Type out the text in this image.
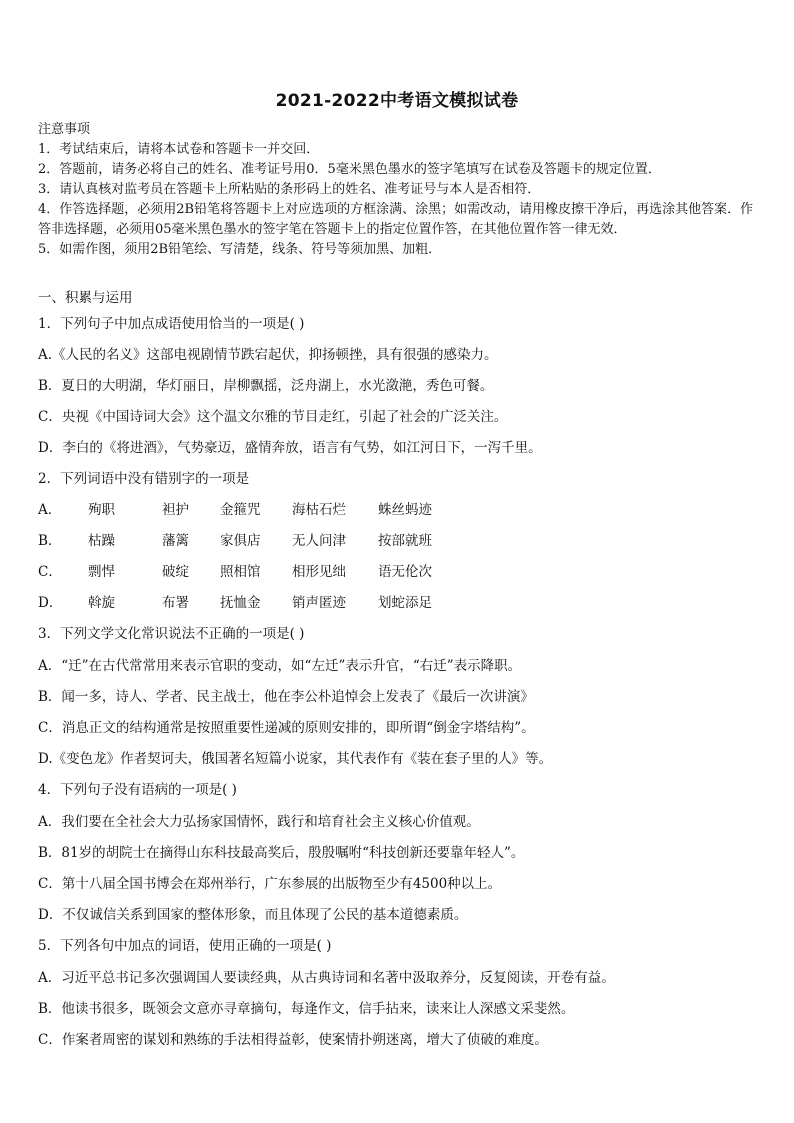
2021-2022中考语文模拟试卷
注意事项
1．考试结束后，请将本试卷和答题卡一并交回．
2．答题前，请务必将自己的姓名、准考证号用0．5毫米黑色墨水的签字笔填写在试卷及答题卡的规定位置．
3．请认真核对监考员在答题卡上所粘贴的条形码上的姓名、准考证号与本人是否相符．
4．作答选择题，必须用2B铅笔将答题卡上对应选项的方框涂满、涂黑；如需改动，请用橡皮擦干净后，再选涂其他答案．作答非选择题，必须用05毫米黑色墨水的签字笔在答题卡上的指定位置作答，在其他位置作答一律无效．
5．如需作图，须用2B铅笔绘、写清楚，线条、符号等须加黑、加粗．
一、积累与运用
1．下列句子中加点成语使用恰当的一项是( )
A.《人民的名义》这部电视剧情节跌宕起伏，抑扬顿挫，具有很强的感染力。
B．夏日的大明湖，华灯丽日，岸柳飘摇，泛舟湖上，水光潋滟，秀色可餐。
C．央视《中国诗词大会》这个温文尔雅的节目走红，引起了社会的广泛关注。
D．李白的《将进酒》，气势豪迈，盛情奔放，语言有气势，如江河日下，一泻千里。
2．下列词语中没有错别字的一项是
A． 殉职	袒护 金箍咒 海枯石烂 蛛丝蚂迹
B． 枯躁	藩篱 家俱店 无人问津 按部就班
C． 剽悍	破绽 照相馆 相形见绌 语无伦次
D． 斡旋	布署 抚恤金 销声匿迹 划蛇添足
3．下列文学文化常识说法不正确的一项是( )
A．“迁”在古代常常用来表示官职的变动，如“左迁”表示升官，“右迁”表示降职。
B．闻一多，诗人、学者、民主战士，他在李公朴追悼会上发表了《最后一次讲演》
C．消息正文的结构通常是按照重要性递减的原则安排的，即所谓“倒金字塔结构”。
D.《变色龙》作者契诃夫，俄国著名短篇小说家，其代表作有《装在套子里的人》等。
4．下列句子没有语病的一项是( )
A．我们要在全社会大力弘扬家国情怀，践行和培育社会主义核心价值观。
B．81岁的胡院士在摘得山东科技最高奖后，殷殷嘱咐“科技创新还要靠年轻人”。
C．第十八届全国书博会在郑州举行，广东参展的出版物至少有4500种以上。
D．不仅诚信关系到国家的整体形象，而且体现了公民的基本道德素质。
5．下列各句中加点的词语，使用正确的一项是( )
A．习近平总书记多次强调国人要读经典，从古典诗词和名著中汲取养分，反复阅读，开卷有益。
B．他读书很多，既领会文意亦寻章摘句，每逢作文，信手拈来，读来让人深感文采斐然。
C．作案者周密的谋划和熟练的手法相得益彰，使案情扑朔迷离，增大了侦破的难度。
